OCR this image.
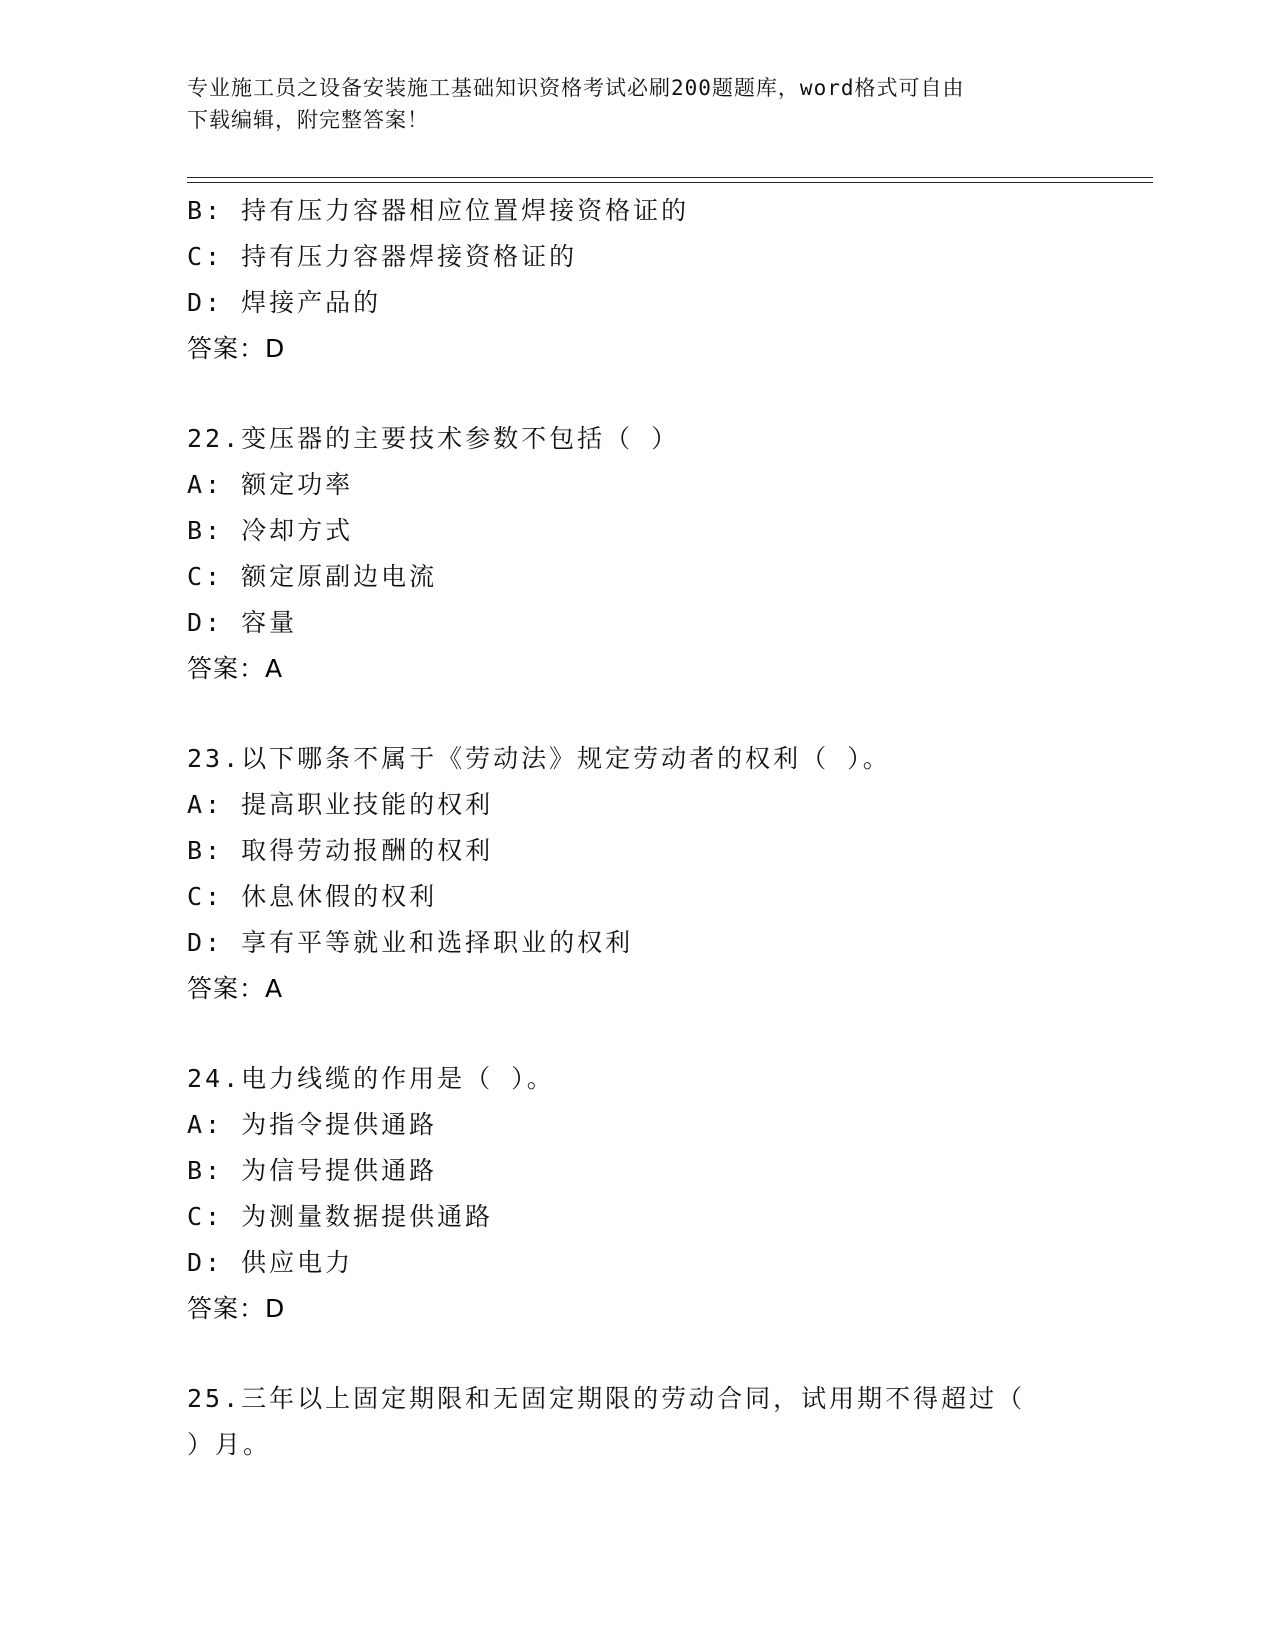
专业施工员之设备安装施工基础知识资格考试必刷200题题库，word格式可自由
下载编辑，附完整答案！
B: 持有压力容器相应位置焊接资格证的
C: 持有压力容器焊接资格证的
D: 焊接产品的
答案：D
22.变压器的主要技术参数不包括（ ）
A: 额定功率
B: 冷却方式
C: 额定原副边电流
D: 容量
答案：A
23.以下哪条不属于《劳动法》规定劳动者的权利（ ）。
A: 提高职业技能的权利
B: 取得劳动报酬的权利
C: 休息休假的权利
D: 享有平等就业和选择职业的权利
答案：A
24.电力线缆的作用是（ ）。
A: 为指令提供通路
B: 为信号提供通路
C: 为测量数据提供通路
D: 供应电力
答案：D
25.三年以上固定期限和无固定期限的劳动合同，试用期不得超过（ ）月。
